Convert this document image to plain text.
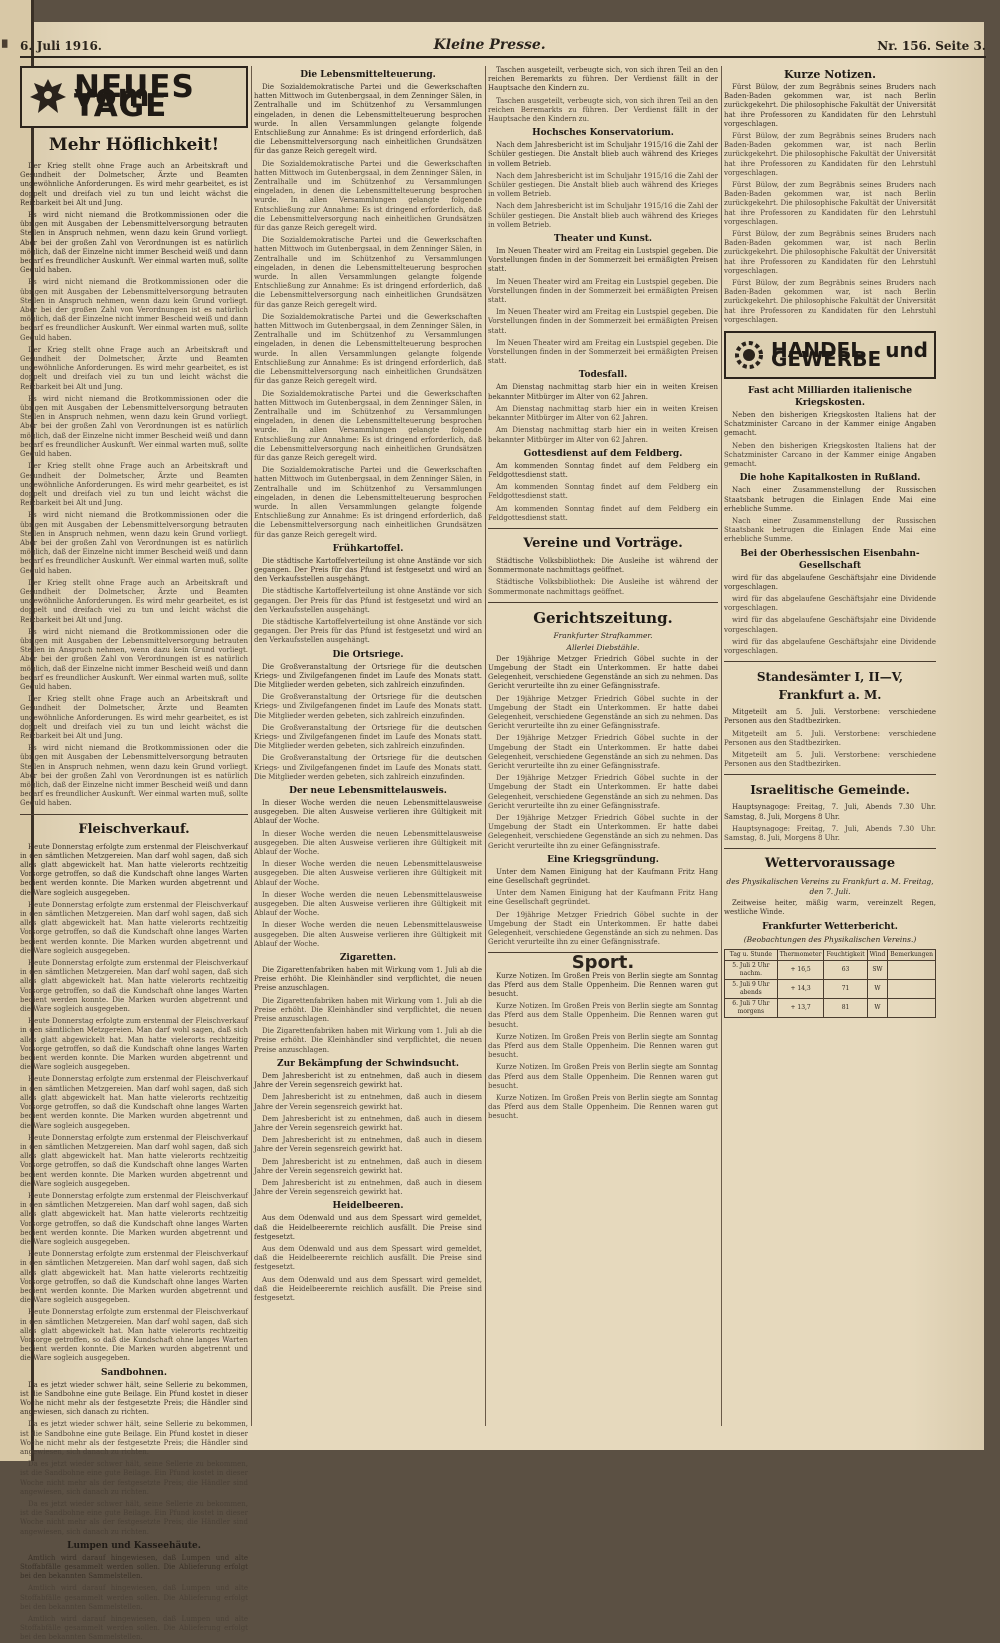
█	6. Juli 1916.	Kleine Presse.	Nr. 156. Seite 3.
NEUES vom TAGE
Mehr Höflichkeit!
Der Krieg stellt ohne Frage auch an Arbeitskraft und Gesundheit der Dolmetscher, Ärzte und Beamten ungewöhnliche Anforderungen. Es wird mehr gearbeitet, es ist doppelt und dreifach viel zu tun und leicht wächst die Reizbarkeit bei Alt und Jung.
Es wird nicht niemand die Brotkommissionen oder die übrigen mit Ausgaben der Lebensmittelversorgung betrauten Stellen in Anspruch nehmen, wenn dazu kein Grund vorliegt. Aber bei der großen Zahl von Verordnungen ist es natürlich möglich, daß der Einzelne nicht immer Bescheid weiß und dann bedarf es freundlicher Auskunft. Wer einmal warten muß, sollte Geduld haben.
Es wird nicht niemand die Brotkommissionen oder die übrigen mit Ausgaben der Lebensmittelversorgung betrauten Stellen in Anspruch nehmen, wenn dazu kein Grund vorliegt. Aber bei der großen Zahl von Verordnungen ist es natürlich möglich, daß der Einzelne nicht immer Bescheid weiß und dann bedarf es freundlicher Auskunft. Wer einmal warten muß, sollte Geduld haben.
Der Krieg stellt ohne Frage auch an Arbeitskraft und Gesundheit der Dolmetscher, Ärzte und Beamten ungewöhnliche Anforderungen. Es wird mehr gearbeitet, es ist doppelt und dreifach viel zu tun und leicht wächst die Reizbarkeit bei Alt und Jung.
Es wird nicht niemand die Brotkommissionen oder die übrigen mit Ausgaben der Lebensmittelversorgung betrauten Stellen in Anspruch nehmen, wenn dazu kein Grund vorliegt. Aber bei der großen Zahl von Verordnungen ist es natürlich möglich, daß der Einzelne nicht immer Bescheid weiß und dann bedarf es freundlicher Auskunft. Wer einmal warten muß, sollte Geduld haben.
Der Krieg stellt ohne Frage auch an Arbeitskraft und Gesundheit der Dolmetscher, Ärzte und Beamten ungewöhnliche Anforderungen. Es wird mehr gearbeitet, es ist doppelt und dreifach viel zu tun und leicht wächst die Reizbarkeit bei Alt und Jung.
Es wird nicht niemand die Brotkommissionen oder die übrigen mit Ausgaben der Lebensmittelversorgung betrauten Stellen in Anspruch nehmen, wenn dazu kein Grund vorliegt. Aber bei der großen Zahl von Verordnungen ist es natürlich möglich, daß der Einzelne nicht immer Bescheid weiß und dann bedarf es freundlicher Auskunft. Wer einmal warten muß, sollte Geduld haben.
Der Krieg stellt ohne Frage auch an Arbeitskraft und Gesundheit der Dolmetscher, Ärzte und Beamten ungewöhnliche Anforderungen. Es wird mehr gearbeitet, es ist doppelt und dreifach viel zu tun und leicht wächst die Reizbarkeit bei Alt und Jung.
Es wird nicht niemand die Brotkommissionen oder die übrigen mit Ausgaben der Lebensmittelversorgung betrauten Stellen in Anspruch nehmen, wenn dazu kein Grund vorliegt. Aber bei der großen Zahl von Verordnungen ist es natürlich möglich, daß der Einzelne nicht immer Bescheid weiß und dann bedarf es freundlicher Auskunft. Wer einmal warten muß, sollte Geduld haben.
Der Krieg stellt ohne Frage auch an Arbeitskraft und Gesundheit der Dolmetscher, Ärzte und Beamten ungewöhnliche Anforderungen. Es wird mehr gearbeitet, es ist doppelt und dreifach viel zu tun und leicht wächst die Reizbarkeit bei Alt und Jung.
Es wird nicht niemand die Brotkommissionen oder die übrigen mit Ausgaben der Lebensmittelversorgung betrauten Stellen in Anspruch nehmen, wenn dazu kein Grund vorliegt. Aber bei der großen Zahl von Verordnungen ist es natürlich möglich, daß der Einzelne nicht immer Bescheid weiß und dann bedarf es freundlicher Auskunft. Wer einmal warten muß, sollte Geduld haben.
Fleischverkauf.
Heute Donnerstag erfolgte zum erstenmal der Fleischverkauf in den sämtlichen Metzgereien. Man darf wohl sagen, daß sich alles glatt abgewickelt hat. Man hatte vielerorts rechtzeitig Vorsorge getroffen, so daß die Kundschaft ohne langes Warten bedient werden konnte. Die Marken wurden abgetrennt und die Ware sogleich ausgegeben.
Heute Donnerstag erfolgte zum erstenmal der Fleischverkauf in den sämtlichen Metzgereien. Man darf wohl sagen, daß sich alles glatt abgewickelt hat. Man hatte vielerorts rechtzeitig Vorsorge getroffen, so daß die Kundschaft ohne langes Warten bedient werden konnte. Die Marken wurden abgetrennt und die Ware sogleich ausgegeben.
Heute Donnerstag erfolgte zum erstenmal der Fleischverkauf in den sämtlichen Metzgereien. Man darf wohl sagen, daß sich alles glatt abgewickelt hat. Man hatte vielerorts rechtzeitig Vorsorge getroffen, so daß die Kundschaft ohne langes Warten bedient werden konnte. Die Marken wurden abgetrennt und die Ware sogleich ausgegeben.
Heute Donnerstag erfolgte zum erstenmal der Fleischverkauf in den sämtlichen Metzgereien. Man darf wohl sagen, daß sich alles glatt abgewickelt hat. Man hatte vielerorts rechtzeitig Vorsorge getroffen, so daß die Kundschaft ohne langes Warten bedient werden konnte. Die Marken wurden abgetrennt und die Ware sogleich ausgegeben.
Heute Donnerstag erfolgte zum erstenmal der Fleischverkauf in den sämtlichen Metzgereien. Man darf wohl sagen, daß sich alles glatt abgewickelt hat. Man hatte vielerorts rechtzeitig Vorsorge getroffen, so daß die Kundschaft ohne langes Warten bedient werden konnte. Die Marken wurden abgetrennt und die Ware sogleich ausgegeben.
Heute Donnerstag erfolgte zum erstenmal der Fleischverkauf in den sämtlichen Metzgereien. Man darf wohl sagen, daß sich alles glatt abgewickelt hat. Man hatte vielerorts rechtzeitig Vorsorge getroffen, so daß die Kundschaft ohne langes Warten bedient werden konnte. Die Marken wurden abgetrennt und die Ware sogleich ausgegeben.
Heute Donnerstag erfolgte zum erstenmal der Fleischverkauf in den sämtlichen Metzgereien. Man darf wohl sagen, daß sich alles glatt abgewickelt hat. Man hatte vielerorts rechtzeitig Vorsorge getroffen, so daß die Kundschaft ohne langes Warten bedient werden konnte. Die Marken wurden abgetrennt und die Ware sogleich ausgegeben.
Heute Donnerstag erfolgte zum erstenmal der Fleischverkauf in den sämtlichen Metzgereien. Man darf wohl sagen, daß sich alles glatt abgewickelt hat. Man hatte vielerorts rechtzeitig Vorsorge getroffen, so daß die Kundschaft ohne langes Warten bedient werden konnte. Die Marken wurden abgetrennt und die Ware sogleich ausgegeben.
Heute Donnerstag erfolgte zum erstenmal der Fleischverkauf in den sämtlichen Metzgereien. Man darf wohl sagen, daß sich alles glatt abgewickelt hat. Man hatte vielerorts rechtzeitig Vorsorge getroffen, so daß die Kundschaft ohne langes Warten bedient werden konnte. Die Marken wurden abgetrennt und die Ware sogleich ausgegeben.
Sandbohnen.
Da es jetzt wieder schwer hält, seine Sellerie zu bekommen, ist die Sandbohne eine gute Beilage. Ein Pfund kostet in dieser Woche nicht mehr als der festgesetzte Preis; die Händler sind angewiesen, sich danach zu richten.
Da es jetzt wieder schwer hält, seine Sellerie zu bekommen, ist die Sandbohne eine gute Beilage. Ein Pfund kostet in dieser Woche nicht mehr als der festgesetzte Preis; die Händler sind angewiesen, sich danach zu richten.
Da es jetzt wieder schwer hält, seine Sellerie zu bekommen, ist die Sandbohne eine gute Beilage. Ein Pfund kostet in dieser Woche nicht mehr als der festgesetzte Preis; die Händler sind angewiesen, sich danach zu richten.
Da es jetzt wieder schwer hält, seine Sellerie zu bekommen, ist die Sandbohne eine gute Beilage. Ein Pfund kostet in dieser Woche nicht mehr als der festgesetzte Preis; die Händler sind angewiesen, sich danach zu richten.
Lumpen und Kasseehäute.
Amtlich wird darauf hingewiesen, daß Lumpen und alte Stoffabfälle gesammelt werden sollen. Die Ablieferung erfolgt bei den bekannten Sammelstellen.
Amtlich wird darauf hingewiesen, daß Lumpen und alte Stoffabfälle gesammelt werden sollen. Die Ablieferung erfolgt bei den bekannten Sammelstellen.
Amtlich wird darauf hingewiesen, daß Lumpen und alte Stoffabfälle gesammelt werden sollen. Die Ablieferung erfolgt bei den bekannten Sammelstellen.
Die Lebensmittelteuerung.
Die Sozialdemokratische Partei und die Gewerkschaften hatten Mittwoch im Gutenbergsaal, in dem Zenninger Sälen, in Zentralhalle und im Schützenhof zu Versammlungen eingeladen, in denen die Lebensmittelteuerung besprochen wurde. In allen Versammlungen gelangte folgende Entschließung zur Annahme: Es ist dringend erforderlich, daß die Lebensmittelversorgung nach einheitlichen Grundsätzen für das ganze Reich geregelt wird.
Die Sozialdemokratische Partei und die Gewerkschaften hatten Mittwoch im Gutenbergsaal, in dem Zenninger Sälen, in Zentralhalle und im Schützenhof zu Versammlungen eingeladen, in denen die Lebensmittelteuerung besprochen wurde. In allen Versammlungen gelangte folgende Entschließung zur Annahme: Es ist dringend erforderlich, daß die Lebensmittelversorgung nach einheitlichen Grundsätzen für das ganze Reich geregelt wird.
Die Sozialdemokratische Partei und die Gewerkschaften hatten Mittwoch im Gutenbergsaal, in dem Zenninger Sälen, in Zentralhalle und im Schützenhof zu Versammlungen eingeladen, in denen die Lebensmittelteuerung besprochen wurde. In allen Versammlungen gelangte folgende Entschließung zur Annahme: Es ist dringend erforderlich, daß die Lebensmittelversorgung nach einheitlichen Grundsätzen für das ganze Reich geregelt wird.
Die Sozialdemokratische Partei und die Gewerkschaften hatten Mittwoch im Gutenbergsaal, in dem Zenninger Sälen, in Zentralhalle und im Schützenhof zu Versammlungen eingeladen, in denen die Lebensmittelteuerung besprochen wurde. In allen Versammlungen gelangte folgende Entschließung zur Annahme: Es ist dringend erforderlich, daß die Lebensmittelversorgung nach einheitlichen Grundsätzen für das ganze Reich geregelt wird.
Die Sozialdemokratische Partei und die Gewerkschaften hatten Mittwoch im Gutenbergsaal, in dem Zenninger Sälen, in Zentralhalle und im Schützenhof zu Versammlungen eingeladen, in denen die Lebensmittelteuerung besprochen wurde. In allen Versammlungen gelangte folgende Entschließung zur Annahme: Es ist dringend erforderlich, daß die Lebensmittelversorgung nach einheitlichen Grundsätzen für das ganze Reich geregelt wird.
Die Sozialdemokratische Partei und die Gewerkschaften hatten Mittwoch im Gutenbergsaal, in dem Zenninger Sälen, in Zentralhalle und im Schützenhof zu Versammlungen eingeladen, in denen die Lebensmittelteuerung besprochen wurde. In allen Versammlungen gelangte folgende Entschließung zur Annahme: Es ist dringend erforderlich, daß die Lebensmittelversorgung nach einheitlichen Grundsätzen für das ganze Reich geregelt wird.
Frühkartoffel.
Die städtische Kartoffelverteilung ist ohne Anstände vor sich gegangen. Der Preis für das Pfund ist festgesetzt und wird an den Verkaufsstellen ausgehängt.
Die städtische Kartoffelverteilung ist ohne Anstände vor sich gegangen. Der Preis für das Pfund ist festgesetzt und wird an den Verkaufsstellen ausgehängt.
Die städtische Kartoffelverteilung ist ohne Anstände vor sich gegangen. Der Preis für das Pfund ist festgesetzt und wird an den Verkaufsstellen ausgehängt.
Die Ortsriege.
Die Großveranstaltung der Ortsriege für die deutschen Kriegs- und Zivilgefangenen findet im Laufe des Monats statt. Die Mitglieder werden gebeten, sich zahlreich einzufinden.
Die Großveranstaltung der Ortsriege für die deutschen Kriegs- und Zivilgefangenen findet im Laufe des Monats statt. Die Mitglieder werden gebeten, sich zahlreich einzufinden.
Die Großveranstaltung der Ortsriege für die deutschen Kriegs- und Zivilgefangenen findet im Laufe des Monats statt. Die Mitglieder werden gebeten, sich zahlreich einzufinden.
Die Großveranstaltung der Ortsriege für die deutschen Kriegs- und Zivilgefangenen findet im Laufe des Monats statt. Die Mitglieder werden gebeten, sich zahlreich einzufinden.
Der neue Lebensmittelausweis.
In dieser Woche werden die neuen Lebensmittelausweise ausgegeben. Die alten Ausweise verlieren ihre Gültigkeit mit Ablauf der Woche.
In dieser Woche werden die neuen Lebensmittelausweise ausgegeben. Die alten Ausweise verlieren ihre Gültigkeit mit Ablauf der Woche.
In dieser Woche werden die neuen Lebensmittelausweise ausgegeben. Die alten Ausweise verlieren ihre Gültigkeit mit Ablauf der Woche.
In dieser Woche werden die neuen Lebensmittelausweise ausgegeben. Die alten Ausweise verlieren ihre Gültigkeit mit Ablauf der Woche.
In dieser Woche werden die neuen Lebensmittelausweise ausgegeben. Die alten Ausweise verlieren ihre Gültigkeit mit Ablauf der Woche.
Zigaretten.
Die Zigarettenfabriken haben mit Wirkung vom 1. Juli ab die Preise erhöht. Die Kleinhändler sind verpflichtet, die neuen Preise anzuschlagen.
Die Zigarettenfabriken haben mit Wirkung vom 1. Juli ab die Preise erhöht. Die Kleinhändler sind verpflichtet, die neuen Preise anzuschlagen.
Die Zigarettenfabriken haben mit Wirkung vom 1. Juli ab die Preise erhöht. Die Kleinhändler sind verpflichtet, die neuen Preise anzuschlagen.
Zur Bekämpfung der Schwindsucht.
Dem Jahresbericht ist zu entnehmen, daß auch in diesem Jahre der Verein segensreich gewirkt hat.
Dem Jahresbericht ist zu entnehmen, daß auch in diesem Jahre der Verein segensreich gewirkt hat.
Dem Jahresbericht ist zu entnehmen, daß auch in diesem Jahre der Verein segensreich gewirkt hat.
Dem Jahresbericht ist zu entnehmen, daß auch in diesem Jahre der Verein segensreich gewirkt hat.
Dem Jahresbericht ist zu entnehmen, daß auch in diesem Jahre der Verein segensreich gewirkt hat.
Dem Jahresbericht ist zu entnehmen, daß auch in diesem Jahre der Verein segensreich gewirkt hat.
Heidelbeeren.
Aus dem Odenwald und aus dem Spessart wird gemeldet, daß die Heidelbeerernte reichlich ausfällt. Die Preise sind festgesetzt.
Aus dem Odenwald und aus dem Spessart wird gemeldet, daß die Heidelbeerernte reichlich ausfällt. Die Preise sind festgesetzt.
Aus dem Odenwald und aus dem Spessart wird gemeldet, daß die Heidelbeerernte reichlich ausfällt. Die Preise sind festgesetzt.
Taschen ausgeteilt, verbeugte sich, von sich ihren Teil an den reichen Beremarkts zu führen. Der Verdienst fällt in der Hauptsache den Kindern zu.
Taschen ausgeteilt, verbeugte sich, von sich ihren Teil an den reichen Beremarkts zu führen. Der Verdienst fällt in der Hauptsache den Kindern zu.
Hochsches Konservatorium.
Nach dem Jahresbericht ist im Schuljahr 1915/16 die Zahl der Schüler gestiegen. Die Anstalt blieb auch während des Krieges in vollem Betrieb.
Nach dem Jahresbericht ist im Schuljahr 1915/16 die Zahl der Schüler gestiegen. Die Anstalt blieb auch während des Krieges in vollem Betrieb.
Nach dem Jahresbericht ist im Schuljahr 1915/16 die Zahl der Schüler gestiegen. Die Anstalt blieb auch während des Krieges in vollem Betrieb.
Theater und Kunst.
Im Neuen Theater wird am Freitag ein Lustspiel gegeben. Die Vorstellungen finden in der Sommerzeit bei ermäßigten Preisen statt.
Im Neuen Theater wird am Freitag ein Lustspiel gegeben. Die Vorstellungen finden in der Sommerzeit bei ermäßigten Preisen statt.
Im Neuen Theater wird am Freitag ein Lustspiel gegeben. Die Vorstellungen finden in der Sommerzeit bei ermäßigten Preisen statt.
Im Neuen Theater wird am Freitag ein Lustspiel gegeben. Die Vorstellungen finden in der Sommerzeit bei ermäßigten Preisen statt.
Todesfall.
Am Dienstag nachmittag starb hier ein in weiten Kreisen bekannter Mitbürger im Alter von 62 Jahren.
Am Dienstag nachmittag starb hier ein in weiten Kreisen bekannter Mitbürger im Alter von 62 Jahren.
Am Dienstag nachmittag starb hier ein in weiten Kreisen bekannter Mitbürger im Alter von 62 Jahren.
Gottesdienst auf dem Feldberg.
Am kommenden Sonntag findet auf dem Feldberg ein Feldgottesdienst statt.
Am kommenden Sonntag findet auf dem Feldberg ein Feldgottesdienst statt.
Am kommenden Sonntag findet auf dem Feldberg ein Feldgottesdienst statt.
Vereine und Vorträge.
Städtische Volksbibliothek: Die Ausleihe ist während der Sommermonate nachmittags geöffnet.
Städtische Volksbibliothek: Die Ausleihe ist während der Sommermonate nachmittags geöffnet.
Gerichtszeitung.
Frankfurter Strafkammer.
Allerlei Diebstähle.
Der 19jährige Metzger Friedrich Göbel suchte in der Umgebung der Stadt ein Unterkommen. Er hatte dabei Gelegenheit, verschiedene Gegenstände an sich zu nehmen. Das Gericht verurteilte ihn zu einer Gefängnisstrafe.
Der 19jährige Metzger Friedrich Göbel suchte in der Umgebung der Stadt ein Unterkommen. Er hatte dabei Gelegenheit, verschiedene Gegenstände an sich zu nehmen. Das Gericht verurteilte ihn zu einer Gefängnisstrafe.
Der 19jährige Metzger Friedrich Göbel suchte in der Umgebung der Stadt ein Unterkommen. Er hatte dabei Gelegenheit, verschiedene Gegenstände an sich zu nehmen. Das Gericht verurteilte ihn zu einer Gefängnisstrafe.
Der 19jährige Metzger Friedrich Göbel suchte in der Umgebung der Stadt ein Unterkommen. Er hatte dabei Gelegenheit, verschiedene Gegenstände an sich zu nehmen. Das Gericht verurteilte ihn zu einer Gefängnisstrafe.
Der 19jährige Metzger Friedrich Göbel suchte in der Umgebung der Stadt ein Unterkommen. Er hatte dabei Gelegenheit, verschiedene Gegenstände an sich zu nehmen. Das Gericht verurteilte ihn zu einer Gefängnisstrafe.
Eine Kriegsgründung.
Unter dem Namen Einigung hat der Kaufmann Fritz Hang eine Gesellschaft gegründet.
Unter dem Namen Einigung hat der Kaufmann Fritz Hang eine Gesellschaft gegründet.
Der 19jährige Metzger Friedrich Göbel suchte in der Umgebung der Stadt ein Unterkommen. Er hatte dabei Gelegenheit, verschiedene Gegenstände an sich zu nehmen. Das Gericht verurteilte ihn zu einer Gefängnisstrafe.
Sport.
Kurze Notizen. Im Großen Preis von Berlin siegte am Sonntag das Pferd aus dem Stalle Oppenheim. Die Rennen waren gut besucht.
Kurze Notizen. Im Großen Preis von Berlin siegte am Sonntag das Pferd aus dem Stalle Oppenheim. Die Rennen waren gut besucht.
Kurze Notizen. Im Großen Preis von Berlin siegte am Sonntag das Pferd aus dem Stalle Oppenheim. Die Rennen waren gut besucht.
Kurze Notizen. Im Großen Preis von Berlin siegte am Sonntag das Pferd aus dem Stalle Oppenheim. Die Rennen waren gut besucht.
Kurze Notizen. Im Großen Preis von Berlin siegte am Sonntag das Pferd aus dem Stalle Oppenheim. Die Rennen waren gut besucht.
Kurze Notizen.
Fürst Bülow, der zum Begräbnis seines Bruders nach Baden-Baden gekommen war, ist nach Berlin zurückgekehrt. Die philosophische Fakultät der Universität hat ihre Professoren zu Kandidaten für den Lehrstuhl vorgeschlagen.
Fürst Bülow, der zum Begräbnis seines Bruders nach Baden-Baden gekommen war, ist nach Berlin zurückgekehrt. Die philosophische Fakultät der Universität hat ihre Professoren zu Kandidaten für den Lehrstuhl vorgeschlagen.
Fürst Bülow, der zum Begräbnis seines Bruders nach Baden-Baden gekommen war, ist nach Berlin zurückgekehrt. Die philosophische Fakultät der Universität hat ihre Professoren zu Kandidaten für den Lehrstuhl vorgeschlagen.
Fürst Bülow, der zum Begräbnis seines Bruders nach Baden-Baden gekommen war, ist nach Berlin zurückgekehrt. Die philosophische Fakultät der Universität hat ihre Professoren zu Kandidaten für den Lehrstuhl vorgeschlagen.
Fürst Bülow, der zum Begräbnis seines Bruders nach Baden-Baden gekommen war, ist nach Berlin zurückgekehrt. Die philosophische Fakultät der Universität hat ihre Professoren zu Kandidaten für den Lehrstuhl vorgeschlagen.
HANDEL und GEWERBE
Fast acht Milliarden italienische Kriegskosten.
Neben den bisherigen Kriegskosten Italiens hat der Schatzminister Carcano in der Kammer einige Angaben gemacht.
Neben den bisherigen Kriegskosten Italiens hat der Schatzminister Carcano in der Kammer einige Angaben gemacht.
Die hohe Kapitalkosten in Rußland.
Nach einer Zusammenstellung der Russischen Staatsbank betrugen die Einlagen Ende Mai eine erhebliche Summe.
Nach einer Zusammenstellung der Russischen Staatsbank betrugen die Einlagen Ende Mai eine erhebliche Summe.
Bei der Oberhessischen Eisenbahn-Gesellschaft
wird für das abgelaufene Geschäftsjahr eine Dividende vorgeschlagen.
wird für das abgelaufene Geschäftsjahr eine Dividende vorgeschlagen.
wird für das abgelaufene Geschäftsjahr eine Dividende vorgeschlagen.
wird für das abgelaufene Geschäftsjahr eine Dividende vorgeschlagen.
Standesämter I, II—V, Frankfurt a. M.
Mitgeteilt am 5. Juli. Verstorbene: verschiedene Personen aus den Stadtbezirken.
Mitgeteilt am 5. Juli. Verstorbene: verschiedene Personen aus den Stadtbezirken.
Mitgeteilt am 5. Juli. Verstorbene: verschiedene Personen aus den Stadtbezirken.
Israelitische Gemeinde.
Hauptsynagoge: Freitag, 7. Juli, Abends 7.30 Uhr. Samstag, 8. Juli, Morgens 8 Uhr.
Hauptsynagoge: Freitag, 7. Juli, Abends 7.30 Uhr. Samstag, 8. Juli, Morgens 8 Uhr.
Wettervoraussage
des Physikalischen Vereins zu Frankfurt a. M. Freitag, den 7. Juli.
Zeitweise heiter, mäßig warm, vereinzelt Regen, westliche Winde.
Frankfurter Wetterbericht.
(Beobachtungen des Physikalischen Vereins.)
Tag u. Stunde	Thermometer	Feuchtigkeit	Wind	Bemerkungen
5. Juli 2 Uhr nachm.	+ 16,5	63	SW	
5. Juli 9 Uhr abends	+ 14,3	71	W	
6. Juli 7 Uhr morgens	+ 13,7	81	W	
